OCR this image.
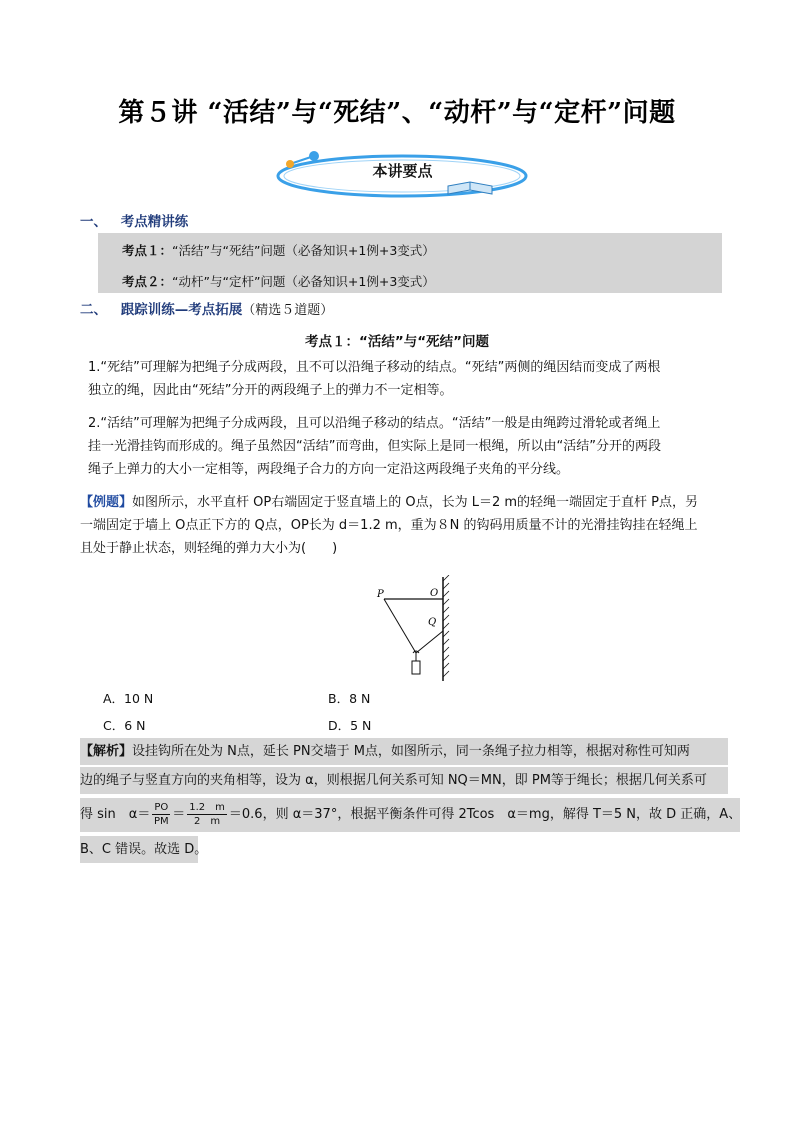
第５讲 “活结”与“死结”、“动杆”与“定杆”问题
本讲要点
一、 考点精讲练
考点１：“活结”与“死结”问题（必备知识+1例+3变式）
考点２：“动杆”与“定杆”问题（必备知识+1例+3变式）
二、 跟踪训练—考点拓展（精选５道题）
考点１：“活结”与“死结”问题
1.“死结”可理解为把绳子分成两段，且不可以沿绳子移动的结点。“死结”两侧的绳因结而变成了两根
独立的绳，因此由“死结”分开的两段绳子上的弹力不一定相等。
2.“活结”可理解为把绳子分成两段，且可以沿绳子移动的结点。“活结”一般是由绳跨过滑轮或者绳上
挂一光滑挂钩而形成的。绳子虽然因“活结”而弯曲，但实际上是同一根绳，所以由“活结”分开的两段
绳子上弹力的大小一定相等，两段绳子合力的方向一定沿这两段绳子夹角的平分线。
【例题】如图所示，水平直杆 OP右端固定于竖直墙上的 O点，长为 L＝2 m的轻绳一端固定于直杆 P点，另
一端固定于墙上 O点正下方的 Q点，OP长为 d＝1.2 m，重为８N 的钩码用质量不计的光滑挂钩挂在轻绳上
且处于静止状态，则轻绳的弹力大小为(　　)
P	O
Q
A．10 N	B．8 N
C．6 N	D．5 N
【解析】设挂钩所在处为 N点，延长 PN交墙于 M点，如图所示，同一条绳子拉力相等，根据对称性可知两
边的绳子与竖直方向的夹角相等，设为 α，则根据几何关系可知 NQ＝MN，即 PM等于绳长；根据几何关系可
得 sin　$\alpha= \frac{PO}{PM} = \frac{1.2 m}{2 m} =0.6$，则 α＝37°，根据平衡条件可得 2Tcos　α＝mg，解得 T＝5 N，故 D 正确，A、
B、C 错误。故选 D。
